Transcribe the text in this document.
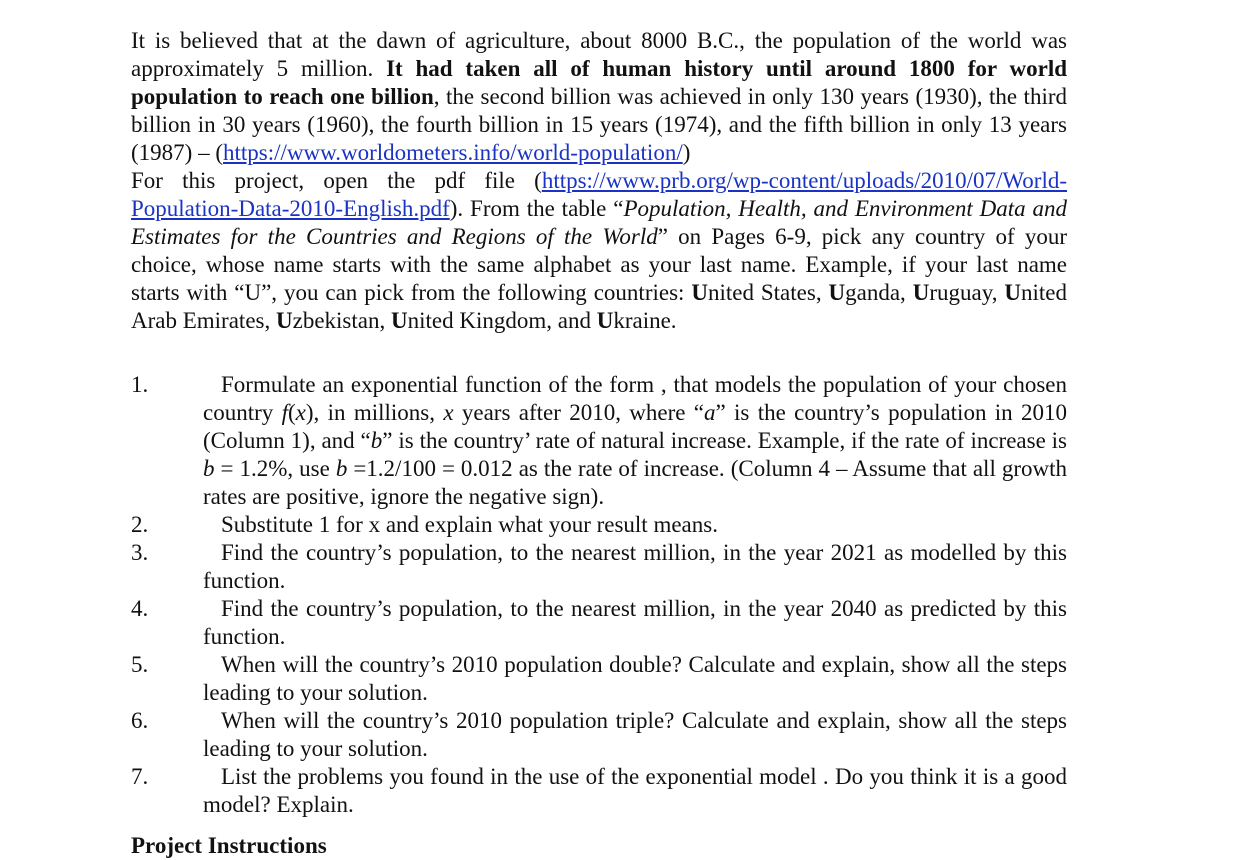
It is believed that at the dawn of agriculture, about 8000 B.C., the population of the world was approximately 5 million. It had taken all of human history until around 1800 for world population to reach one billion, the second billion was achieved in only 130 years (1930), the third billion in 30 years (1960), the fourth billion in 15 years (1974), and the fifth billion in only 13 years (1987) – (https://www.worldometers.info/world-population/)

For this project, open the pdf file (https://www.prb.org/wp-content/uploads/2010/07/World-Population-Data-2010-English.pdf). From the table “Population, Health, and Environment Data and Estimates for the Countries and Regions of the World” on Pages 6-9, pick any country of your choice, whose name starts with the same alphabet as your last name. Example, if your last name starts with “U”, you can pick from the following countries: United States, Uganda, Uruguay, United Arab Emirates, Uzbekistan, United Kingdom, and Ukraine.

1.	Formulate an exponential function of the form , that models the population of your chosen country f(x), in millions, x years after 2010, where “a” is the country’s population in 2010 (Column 1), and “b” is the country’ rate of natural increase. Example, if the rate of increase is b = 1.2%, use b =1.2/100 = 0.012 as the rate of increase. (Column 4 – Assume that all growth rates are positive, ignore the negative sign).
2.	Substitute 1 for x and explain what your result means.
3.	Find the country’s population, to the nearest million, in the year 2021 as modelled by this function.
4.	Find the country’s population, to the nearest million, in the year 2040 as predicted by this function.
5.	When will the country’s 2010 population double? Calculate and explain, show all the steps leading to your solution.
6.	When will the country’s 2010 population triple? Calculate and explain, show all the steps leading to your solution.
7.	List the problems you found in the use of the exponential model . Do you think it is a good model? Explain.
Project Instructions
